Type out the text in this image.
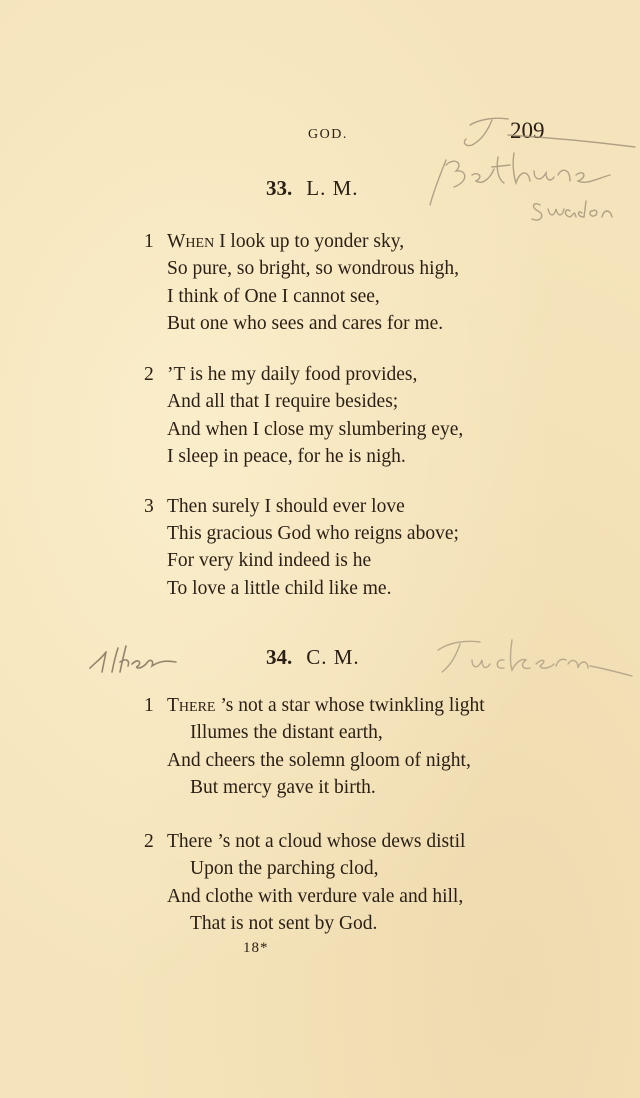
GOD.	209
33. L. M.
1 When I look up to yonder sky,
So pure, so bright, so wondrous high,
I think of One I cannot see,
But one who sees and cares for me.
2 ’T is he my daily food provides,
And all that I require besides;
And when I close my slumbering eye,
I sleep in peace, for he is nigh.
3 Then surely I should ever love
This gracious God who reigns above;
For very kind indeed is he
To love a little child like me.
34. C. M.
1 There ’s not a star whose twinkling light
Illumes the distant earth,
And cheers the solemn gloom of night,
But mercy gave it birth.
2 There ’s not a cloud whose dews distil
Upon the parching clod,
And clothe with verdure vale and hill,
That is not sent by God.
18*
